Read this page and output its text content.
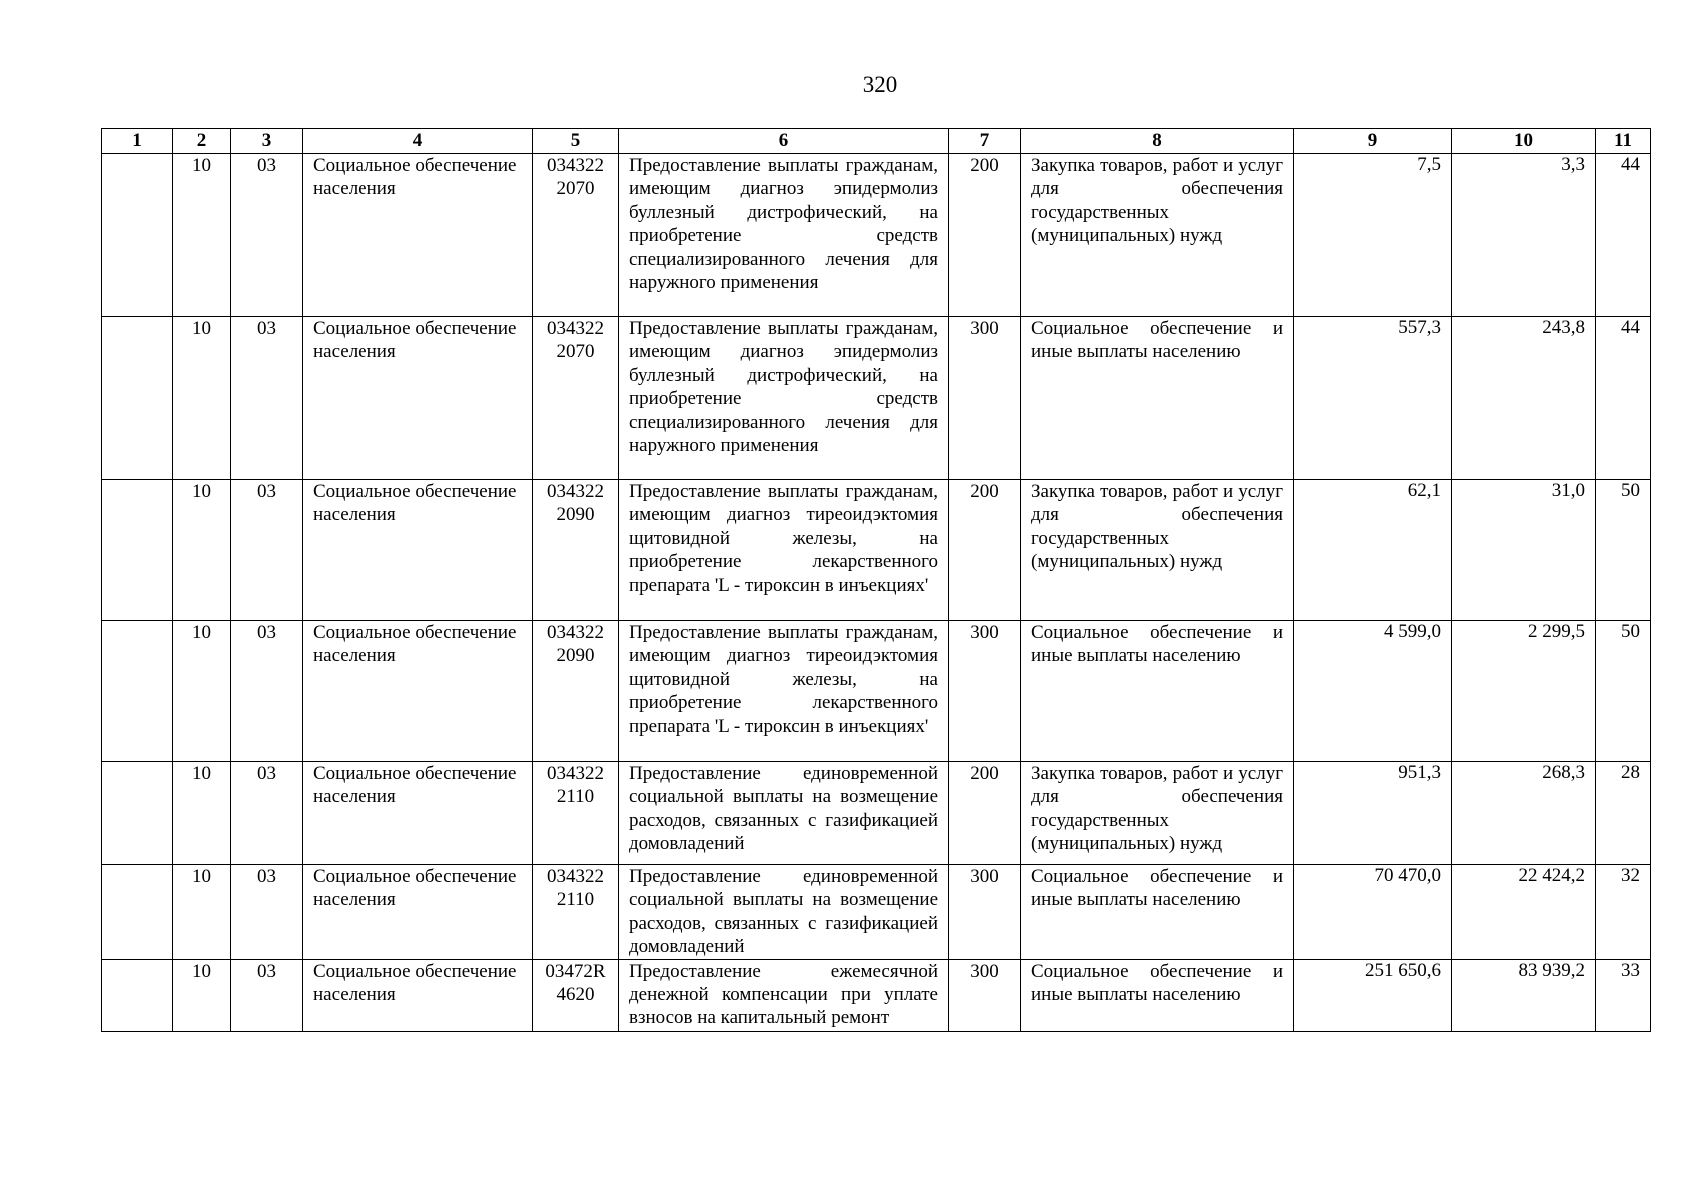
320
1	2	3	4	5	6	7	8	9	10	11
	10	03	Социальное обеспечение населения	0343222070	Предоставление выплаты гражданам, имеющим диагноз эпидермолиз буллезный дистрофический, на приобретение средств специализированного лечения для наружного применения	200	Закупка товаров, работ и услуг для обеспечения государственных (муниципальных) нужд	7,5	3,3	44

	10	03	Социальное обеспечение населения	0343222070	Предоставление выплаты гражданам, имеющим диагноз эпидермолиз буллезный дистрофический, на приобретение средств специализированного лечения для наружного применения	300	Социальное обеспечение и иные выплаты населению	557,3	243,8	44

	10	03	Социальное обеспечение населения	0343222090	Предоставление выплаты гражданам, имеющим диагноз тиреоидэктомия щитовидной железы, на приобретение лекарственного препарата 'L - тироксин в инъекциях'	200	Закупка товаров, работ и услуг для обеспечения государственных (муниципальных) нужд	62,1	31,0	50

	10	03	Социальное обеспечение населения	0343222090	Предоставление выплаты гражданам, имеющим диагноз тиреоидэктомия щитовидной железы, на приобретение лекарственного препарата 'L - тироксин в инъекциях'	300	Социальное обеспечение и иные выплаты населению	4 599,0	2 299,5	50

	10	03	Социальное обеспечение населения	0343222110	Предоставление единовременной социальной выплаты на возмещение расходов, связанных с газификацией домовладений	200	Закупка товаров, работ и услуг для обеспечения государственных (муниципальных) нужд	951,3	268,3	28

	10	03	Социальное обеспечение населения	0343222110	Предоставление единовременной социальной выплаты на возмещение расходов, связанных с газификацией домовладений	300	Социальное обеспечение и иные выплаты населению	70 470,0	22 424,2	32

	10	03	Социальное обеспечение населения	03472R4620	Предоставление ежемесячной денежной компенсации при уплате взносов на капитальный ремонт	300	Социальное обеспечение и иные выплаты населению	251 650,6	83 939,2	33
